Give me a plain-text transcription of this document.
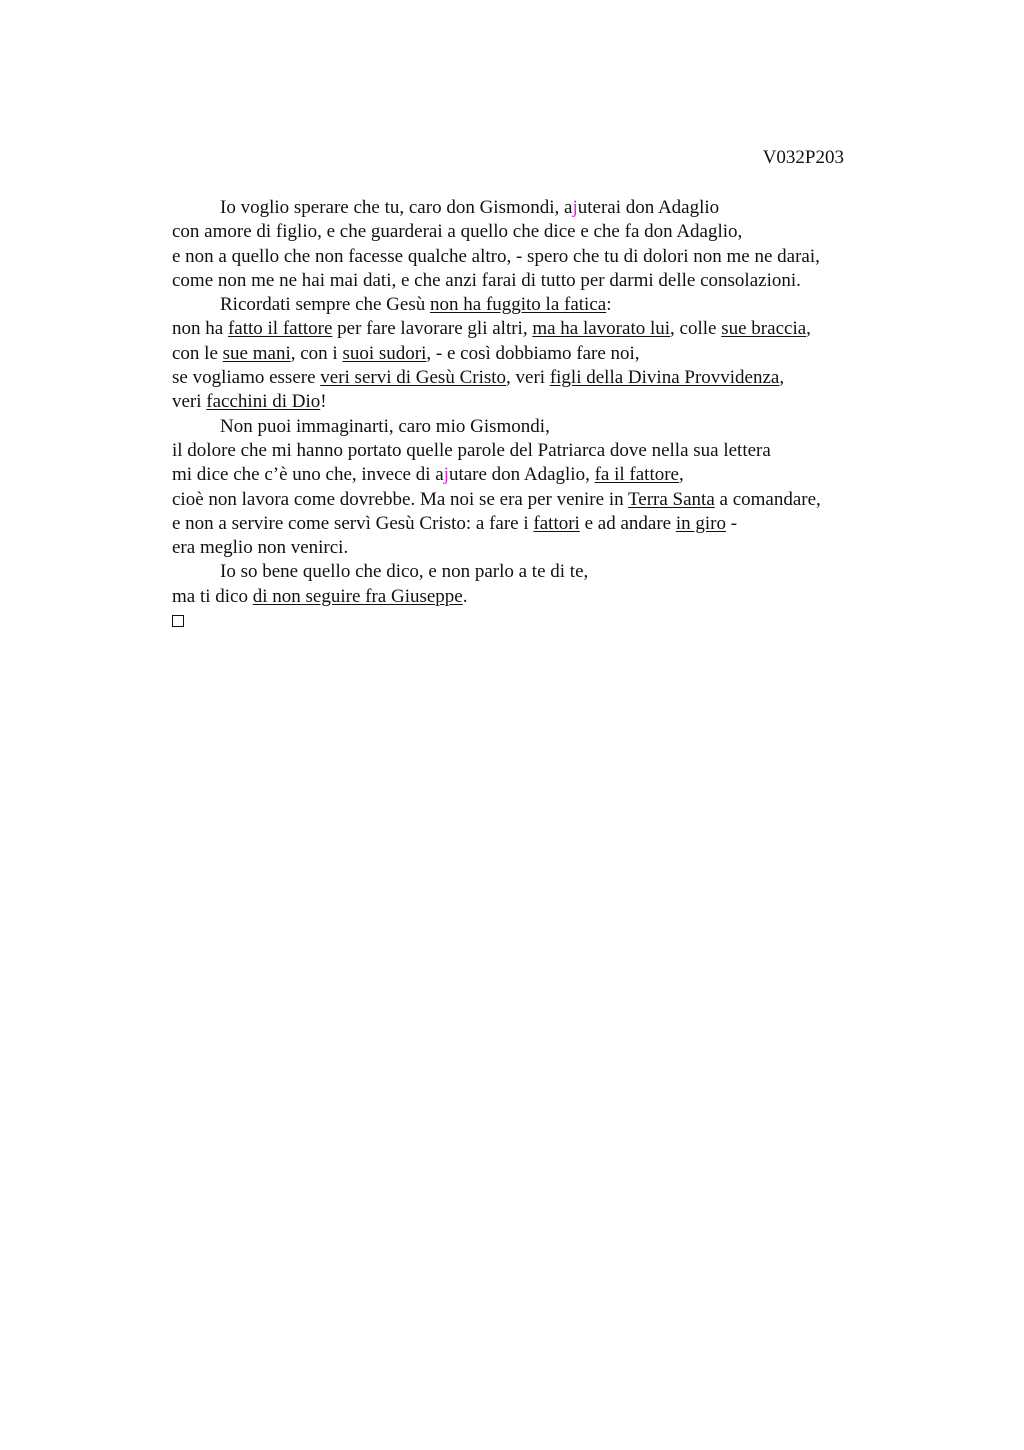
V032P203
Io voglio sperare che tu, caro don Gismondi, ajuterai don Adaglio
con amore di figlio, e che guarderai a quello che dice e che fa don Adaglio,
e non a quello che non facesse qualche altro, - spero che tu di dolori non me ne darai,
come non me ne hai mai dati, e che anzi farai di tutto per darmi delle consolazioni.
Ricordati sempre che Gesù non ha fuggito la fatica:
non ha fatto il fattore per fare lavorare gli altri, ma ha lavorato lui, colle sue braccia,
con le sue mani, con i suoi sudori, - e così dobbiamo fare noi,
se vogliamo essere veri servi di Gesù Cristo, veri figli della Divina Provvidenza,
veri facchini di Dio!
Non puoi immaginarti, caro mio Gismondi,
il dolore che mi hanno portato quelle parole del Patriarca dove nella sua lettera
mi dice che c’è uno che, invece di ajutare don Adaglio, fa il fattore,
cioè non lavora come dovrebbe. Ma noi se era per venire in Terra Santa a comandare,
e non a servire come servì Gesù Cristo: a fare i fattori e ad andare in giro -
era meglio non venirci.
Io so bene quello che dico, e non parlo a te di te,
ma ti dico di non seguire fra Giuseppe.
